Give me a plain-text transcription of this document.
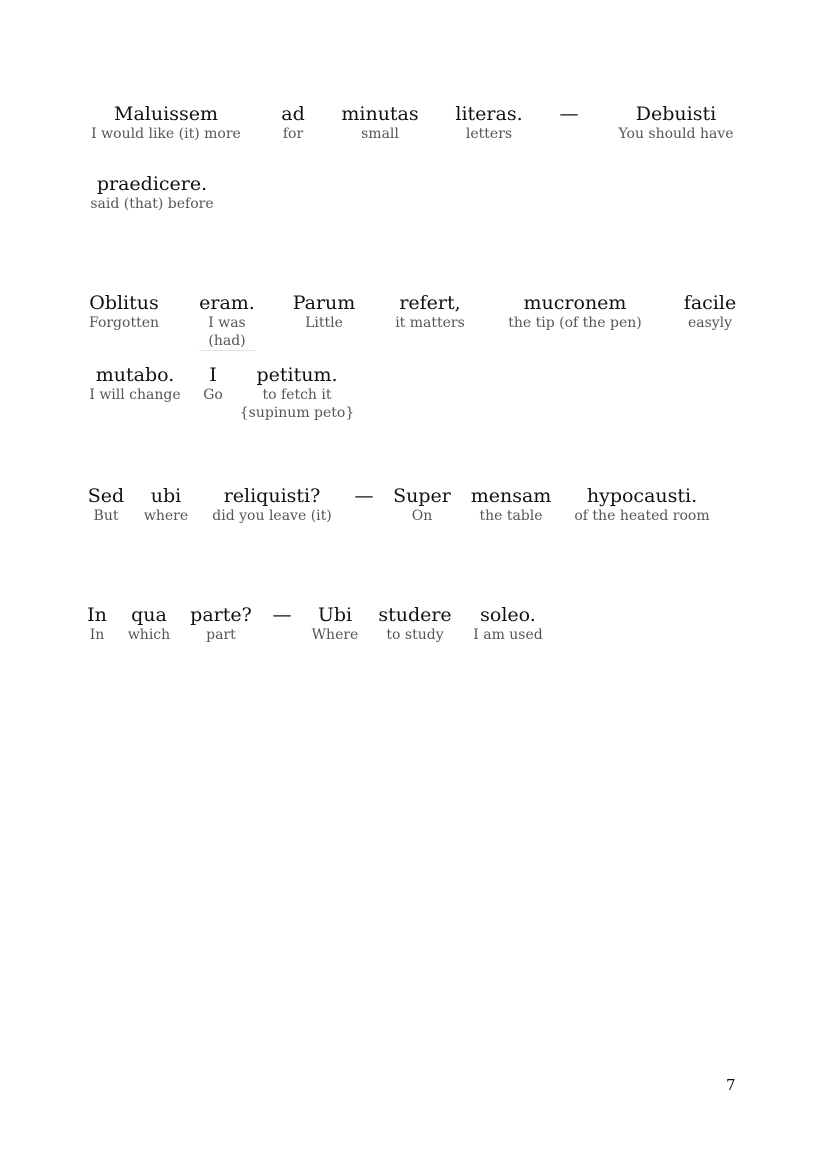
Maluissem
I would like (it) more
ad
for
minutas
small
literas.
letters
—	Debuisti
You should have
praedicere.
said (that) before
Oblitus
Forgotten
eram.
I was
(had)
Parum
Little
refert,
it matters
mucronem
the tip (of the pen)
facile
easyly
mutabo.
I will change
I
Go
petitum.
to fetch it
{supinum peto}
Sed
But
ubi
where
reliquisti?
did you leave (it)
— Super
On
mensam
the table
hypocausti.
of the heated room
In
In
qua
which
parte?
part
—	Ubi
Where
studere
to study
soleo.
I am used
7
